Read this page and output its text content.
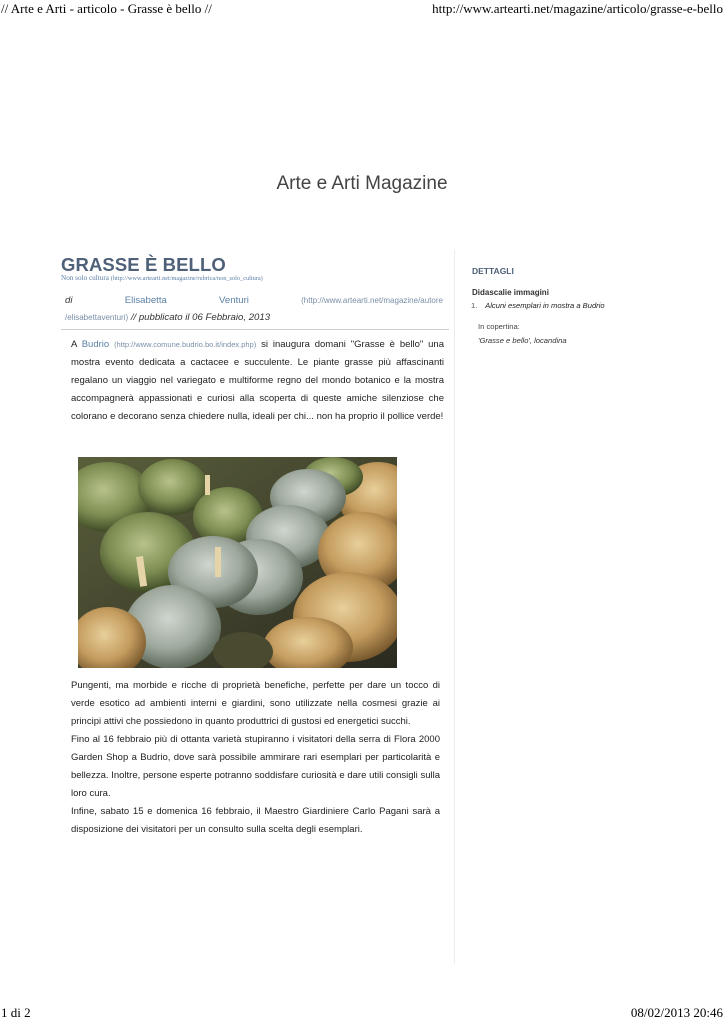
// Arte e Arti - articolo - Grasse è bello //	http://www.artearti.net/magazine/articolo/grasse-e-bello
Arte e Arti Magazine
GRASSE È BELLO
Non solo cultura (http://www.artearti.net/magazine/rubrica/non_solo_cultura)
di	Elisabetta	Venturi	(http://www.artearti.net/magazine/autore
/elisabettaventuri) // pubblicato il 06 Febbraio, 2013

A Budrio (http://www.comune.budrio.bo.it/index.php) si inaugura domani "Grasse è bello" una mostra evento dedicata a cactacee e succulente. Le piante grasse più affascinanti regalano un viaggio nel variegato e multiforme regno del mondo botanico e la mostra accompagnerà appassionati e curiosi alla scoperta di queste amiche silenziose che colorano e decorano senza chiedere nulla, ideali per chi... non ha proprio il pollice verde!

Pungenti, ma morbide e ricche di proprietà benefiche, perfette per dare un tocco di verde esotico ad ambienti interni e giardini, sono utilizzate nella cosmesi grazie ai principi attivi che possiedono in quanto produttrici di gustosi ed energetici succhi.

Fino al 16 febbraio più di ottanta varietà stupiranno i visitatori della serra di Flora 2000 Garden Shop a Budrio, dove sarà possibile ammirare rari esemplari per particolarità e bellezza. Inoltre, persone esperte potranno soddisfare curiosità e dare utili consigli sulla loro cura.

Infine, sabato 15 e domenica 16 febbraio, il Maestro Giardiniere Carlo Pagani sarà a disposizione dei visitatori per un consulto sulla scelta degli esemplari.

DETTAGLI
Didascalie immagini
1. Alcuni esemplari in mostra a Budrio
In copertina:
'Grasse e bello', locandina
1 di 2	08/02/2013 20:46
